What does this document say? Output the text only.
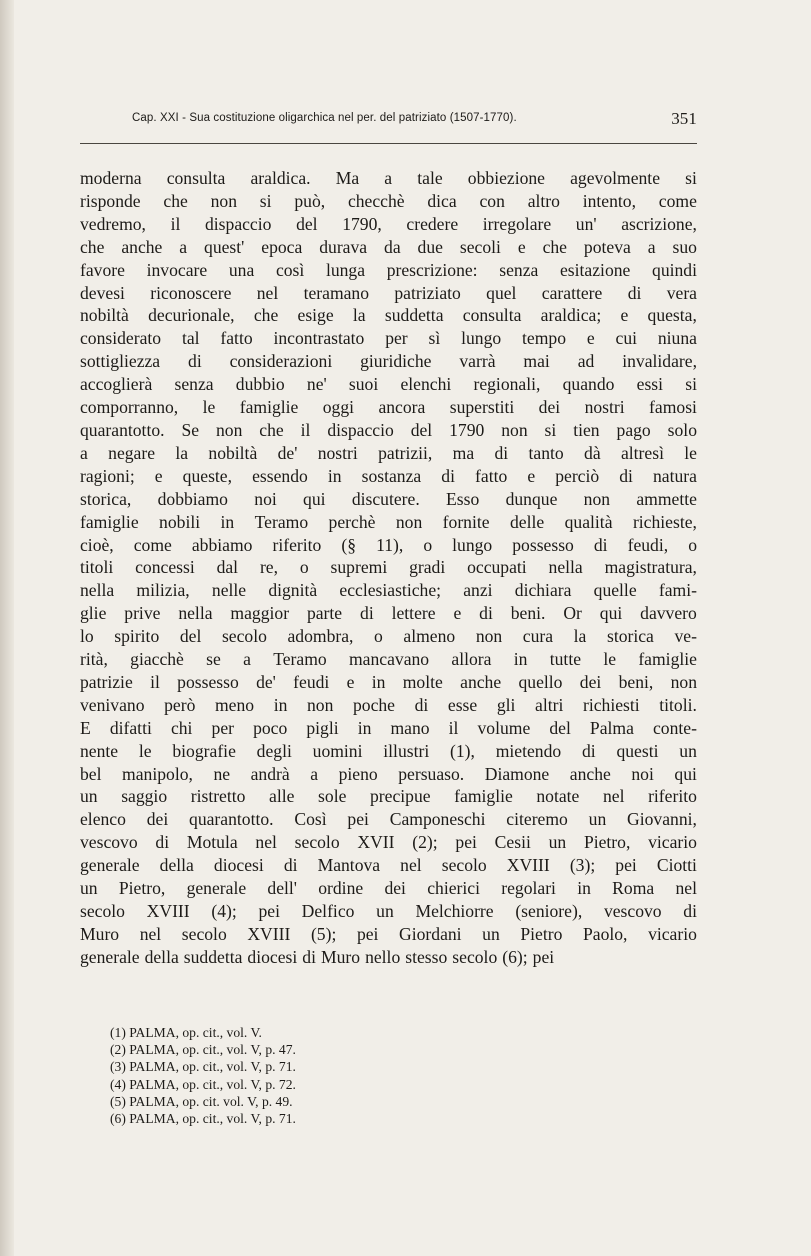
Cap. XXI - Sua costituzione oligarchica nel per. del patriziato (1507-1770).	351
moderna consulta araldica. Ma a tale obbiezione agevolmente si
risponde che non si può, checchè dica con altro intento, come
vedremo, il dispaccio del 1790, credere irregolare un' ascrizione,
che anche a quest' epoca durava da due secoli e che poteva a suo
favore invocare una così lunga prescrizione: senza esitazione quindi
devesi riconoscere nel teramano patriziato quel carattere di vera
nobiltà decurionale, che esige la suddetta consulta araldica; e questa,
considerato tal fatto incontrastato per sì lungo tempo e cui niuna
sottigliezza di considerazioni giuridiche varrà mai ad invalidare,
accoglierà senza dubbio ne' suoi elenchi regionali, quando essi si
comporranno, le famiglie oggi ancora superstiti dei nostri famosi
quarantotto. Se non che il dispaccio del 1790 non si tien pago solo
a negare la nobiltà de' nostri patrizii, ma di tanto dà altresì le
ragioni; e queste, essendo in sostanza di fatto e perciò di natura
storica, dobbiamo noi qui discutere. Esso dunque non ammette
famiglie nobili in Teramo perchè non fornite delle qualità richieste,
cioè, come abbiamo riferito (§ 11), o lungo possesso di feudi, o
titoli concessi dal re, o supremi gradi occupati nella magistratura,
nella milizia, nelle dignità ecclesiastiche; anzi dichiara quelle fami-
glie prive nella maggior parte di lettere e di beni. Or qui davvero
lo spirito del secolo adombra, o almeno non cura la storica ve-
rità, giacchè se a Teramo mancavano allora in tutte le famiglie
patrizie il possesso de' feudi e in molte anche quello dei beni, non
venivano però meno in non poche di esse gli altri richiesti titoli.
E difatti chi per poco pigli in mano il volume del Palma conte-
nente le biografie degli uomini illustri (1), mietendo di questi un
bel manipolo, ne andrà a pieno persuaso. Diamone anche noi qui
un saggio ristretto alle sole precipue famiglie notate nel riferito
elenco dei quarantotto. Così pei Camponeschi citeremo un Giovanni,
vescovo di Motula nel secolo XVII (2); pei Cesii un Pietro, vicario
generale della diocesi di Mantova nel secolo XVIII (3); pei Ciotti
un Pietro, generale dell' ordine dei chierici regolari in Roma nel
secolo XVIII (4); pei Delfico un Melchiorre (seniore), vescovo di
Muro nel secolo XVIII (5); pei Giordani un Pietro Paolo, vicario
generale della suddetta diocesi di Muro nello stesso secolo (6); pei
(1) PALMA, op. cit., vol. V.
(2) PALMA, op. cit., vol. V, p. 47.
(3) PALMA, op. cit., vol. V, p. 71.
(4) PALMA, op. cit., vol. V, p. 72.
(5) PALMA, op. cit. vol. V, p. 49.
(6) PALMA, op. cit., vol. V, p. 71.
